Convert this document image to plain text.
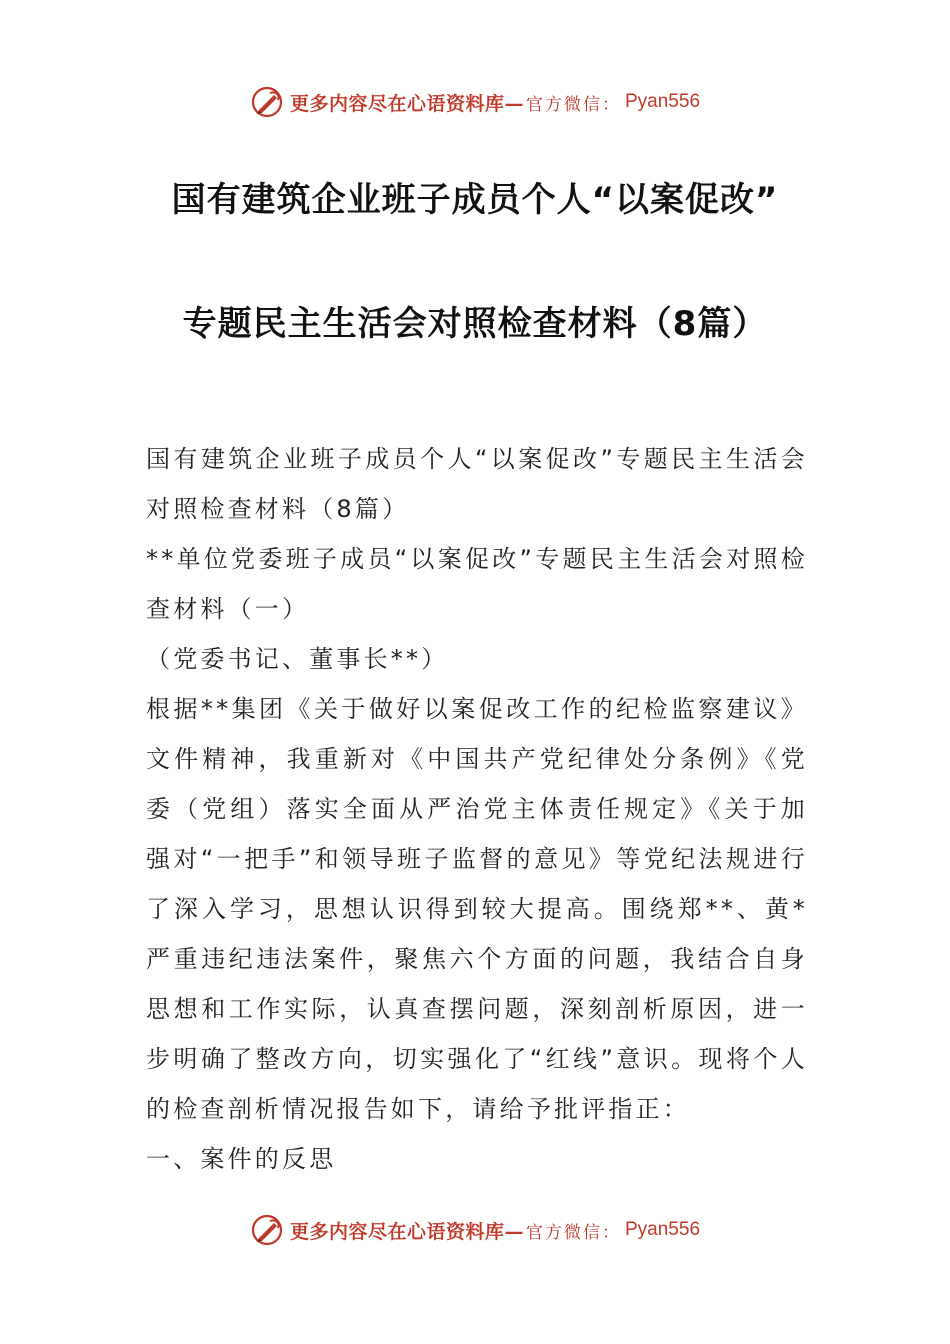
更多内容尽在心语资料库— 官方微信： Pyan556
国有建筑企业班子成员个人“以案促改”
专题民主生活会对照检查材料（8篇）

国有建筑企业班子成员个人“以案促改”专题民主生活会对照检查材料（8篇）

**单位党委班子成员“以案促改”专题民主生活会对照检查材料（一）

（党委书记、董事长**）

根据**集团《关于做好以案促改工作的纪检监察建议》文件精神，我重新对《中国共产党纪律处分条例》《党委（党组）落实全面从严治党主体责任规定》《关于加强对“一把手”和领导班子监督的意见》等党纪法规进行了深入学习，思想认识得到较大提高。围绕郑**、黄*严重违纪违法案件，聚焦六个方面的问题，我结合自身思想和工作实际，认真查摆问题，深刻剖析原因，进一步明确了整改方向，切实强化了“红线”意识。现将个人的检查剖析情况报告如下，请给予批评指正：

一、案件的反思

更多内容尽在心语资料库— 官方微信： Pyan556
